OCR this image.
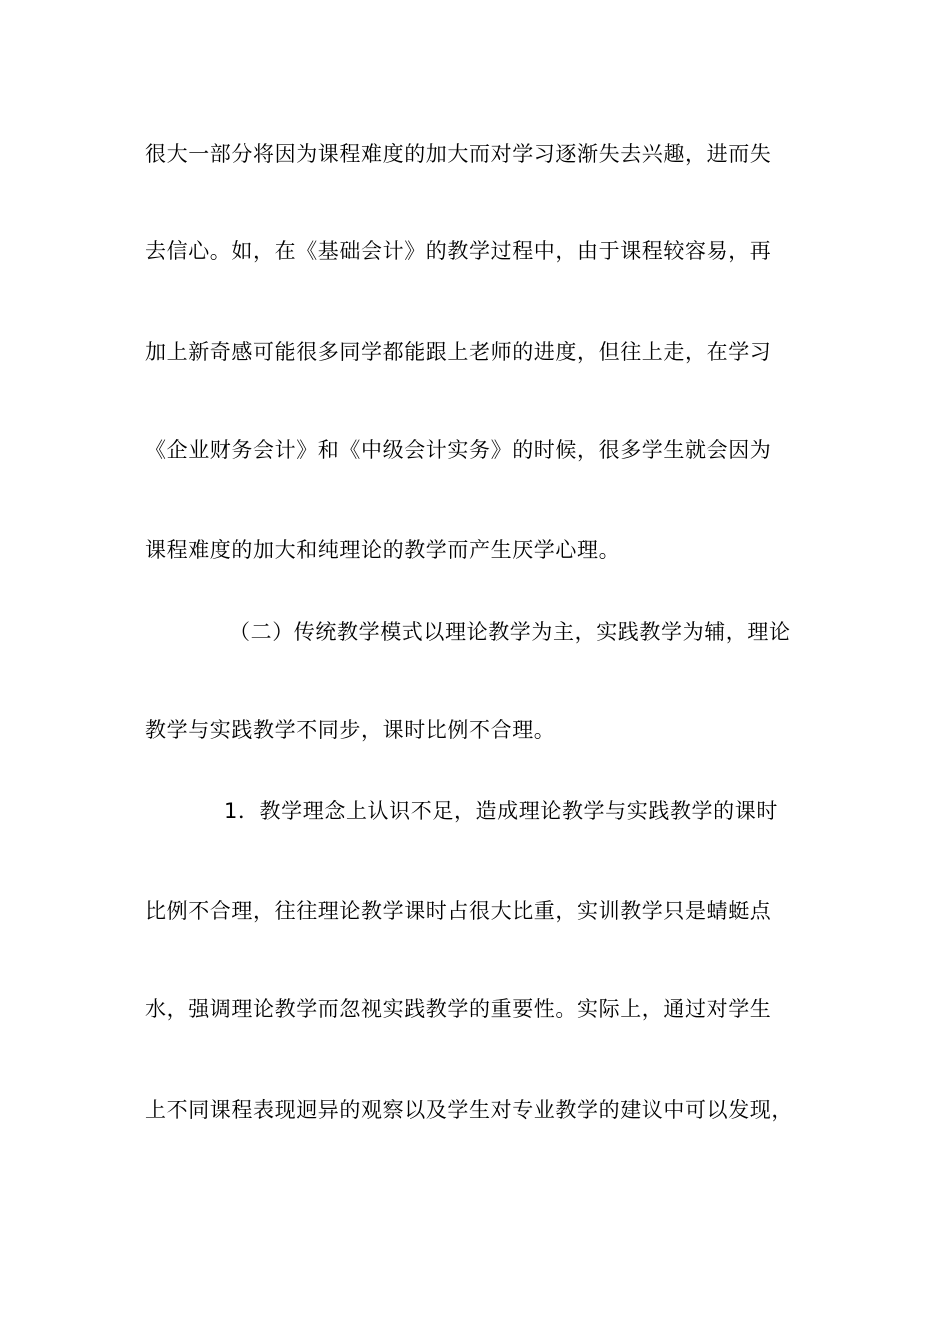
很大一部分将因为课程难度的加大而对学习逐渐失去兴趣，进而失
去信心。如，在《基础会计》的教学过程中，由于课程较容易，再
加上新奇感可能很多同学都能跟上老师的进度，但往上走，在学习
《企业财务会计》和《中级会计实务》的时候，很多学生就会因为
课程难度的加大和纯理论的教学而产生厌学心理。
（二）传统教学模式以理论教学为主，实践教学为辅，理论
教学与实践教学不同步，课时比例不合理。
1．教学理念上认识不足，造成理论教学与实践教学的课时
比例不合理，往往理论教学课时占很大比重，实训教学只是蜻蜓点
水，强调理论教学而忽视实践教学的重要性。实际上，通过对学生
上不同课程表现迥异的观察以及学生对专业教学的建议中可以发现，
